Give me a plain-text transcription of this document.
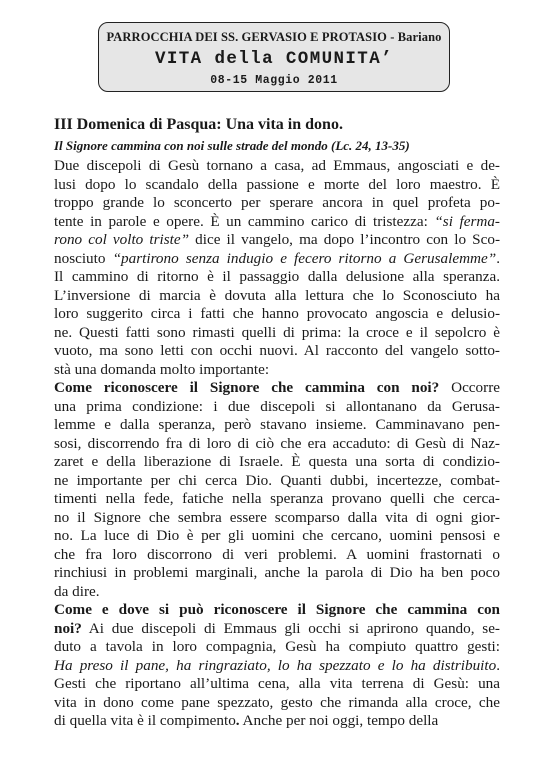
PARROCCHIA DEI SS. GERVASIO E PROTASIO - Bariano
VITA della COMUNITA’
08-15 Maggio 2011
III Domenica di Pasqua: Una vita in dono.
Il Signore cammina con noi sulle strade del mondo (Lc. 24, 13-35)
Due discepoli di Gesù tornano a casa, ad Emmaus, angosciati e de-
lusi dopo lo scandalo della passione e morte del loro maestro. È
troppo grande lo sconcerto per sperare ancora in quel profeta po-
tente in parole e opere. È un cammino carico di tristezza: “si ferma-
rono col volto triste” dice il vangelo, ma dopo l’incontro con lo Sco-
nosciuto “partirono senza indugio e fecero ritorno a Gerusalemme”.
Il cammino di ritorno è il passaggio dalla delusione alla speranza.
L’inversione di marcia è dovuta alla lettura che lo Sconosciuto ha
loro suggerito circa i fatti che hanno provocato angoscia e delusio-
ne. Questi fatti sono rimasti quelli di prima: la croce e il sepolcro è
vuoto, ma sono letti con occhi nuovi. Al racconto del vangelo sotto-
stà una domanda molto importante:
Come riconoscere il Signore che cammina con noi? Occorre
una prima condizione: i due discepoli si allontanano da Gerusa-
lemme e dalla speranza, però stavano insieme. Camminavano pen-
sosi, discorrendo fra di loro di ciò che era accaduto: di Gesù di Naz-
zaret e della liberazione di Israele. È questa una sorta di condizio-
ne importante per chi cerca Dio. Quanti dubbi, incertezze, combat-
timenti nella fede, fatiche nella speranza provano quelli che cerca-
no il Signore che sembra essere scomparso dalla vita di ogni gior-
no. La luce di Dio è per gli uomini che cercano, uomini pensosi e
che fra loro discorrono di veri problemi. A uomini frastornati o
rinchiusi in problemi marginali, anche la parola di Dio ha ben poco
da dire.
Come e dove si può riconoscere il Signore che cammina con
noi? Ai due discepoli di Emmaus gli occhi si aprirono quando, se-
duto a tavola in loro compagnia, Gesù ha compiuto quattro gesti:
Ha preso il pane, ha ringraziato, lo ha spezzato e lo ha distribuito.
Gesti che riportano all’ultima cena, alla vita terrena di Gesù: una
vita in dono come pane spezzato, gesto che rimanda alla croce, che
di quella vita è il compimento. Anche per noi oggi, tempo della
